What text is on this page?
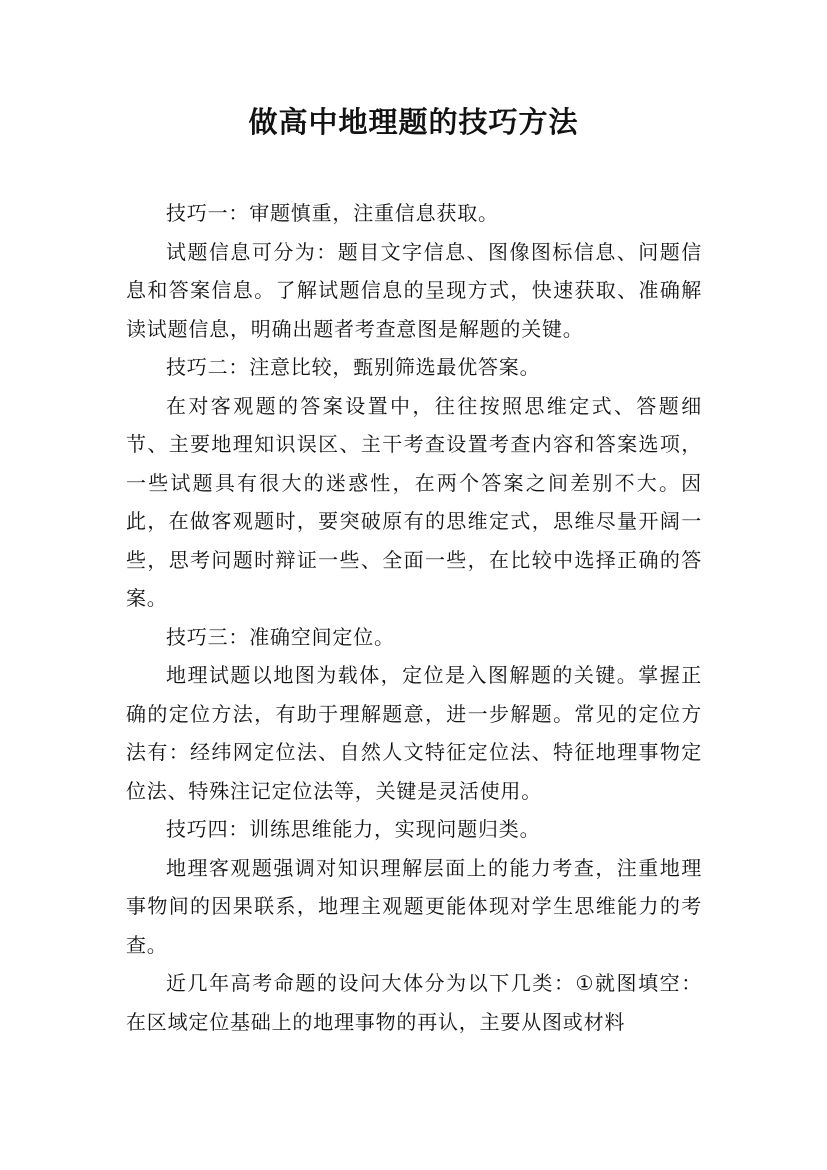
做高中地理题的技巧方法

技巧一：审题慎重，注重信息获取。

试题信息可分为：题目文字信息、图像图标信息、问题信息和答案信息。了解试题信息的呈现方式，快速获取、准确解读试题信息，明确出题者考查意图是解题的关键。

技巧二：注意比较，甄别筛选最优答案。

在对客观题的答案设置中，往往按照思维定式、答题细节、主要地理知识误区、主干考查设置考查内容和答案选项，一些试题具有很大的迷惑性，在两个答案之间差别不大。因此，在做客观题时，要突破原有的思维定式，思维尽量开阔一些，思考问题时辩证一些、全面一些，在比较中选择正确的答案。

技巧三：准确空间定位。

地理试题以地图为载体，定位是入图解题的关键。掌握正确的定位方法，有助于理解题意，进一步解题。常见的定位方法有：经纬网定位法、自然人文特征定位法、特征地理事物定位法、特殊注记定位法等，关键是灵活使用。

技巧四：训练思维能力，实现问题归类。

地理客观题强调对知识理解层面上的能力考查，注重地理事物间的因果联系，地理主观题更能体现对学生思维能力的考查。

近几年高考命题的设问大体分为以下几类：①就图填空：在区域定位基础上的地理事物的再认，主要从图或材料
